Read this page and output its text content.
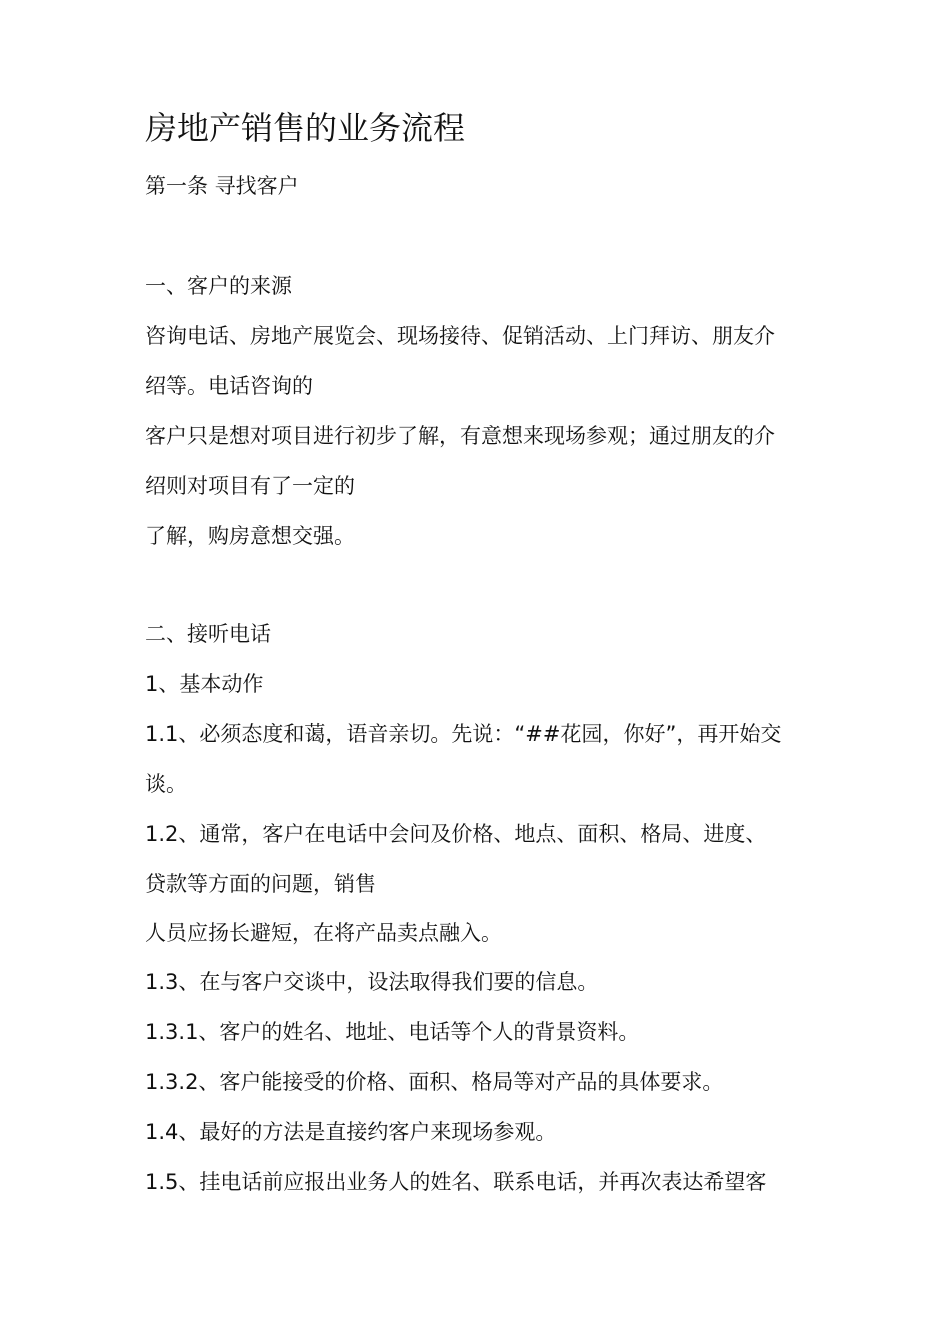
房地产销售的业务流程

第一条 寻找客户

一、客户的来源

咨询电话、房地产展览会、现场接待、促销活动、上门拜访、朋友介

绍等。电话咨询的

客户只是想对项目进行初步了解，有意想来现场参观；通过朋友的介

绍则对项目有了一定的

了解，购房意想交强。

二、接听电话

1、基本动作

1.1、必须态度和蔼，语音亲切。先说：“##花园，你好”，再开始交

谈。

1.2、通常，客户在电话中会问及价格、地点、面积、格局、进度、

贷款等方面的问题，销售

人员应扬长避短，在将产品卖点融入。

1.3、在与客户交谈中，设法取得我们要的信息。

1.3.1、客户的姓名、地址、电话等个人的背景资料。

1.3.2、客户能接受的价格、面积、格局等对产品的具体要求。

1.4、最好的方法是直接约客户来现场参观。

1.5、挂电话前应报出业务人的姓名、联系电话，并再次表达希望客
